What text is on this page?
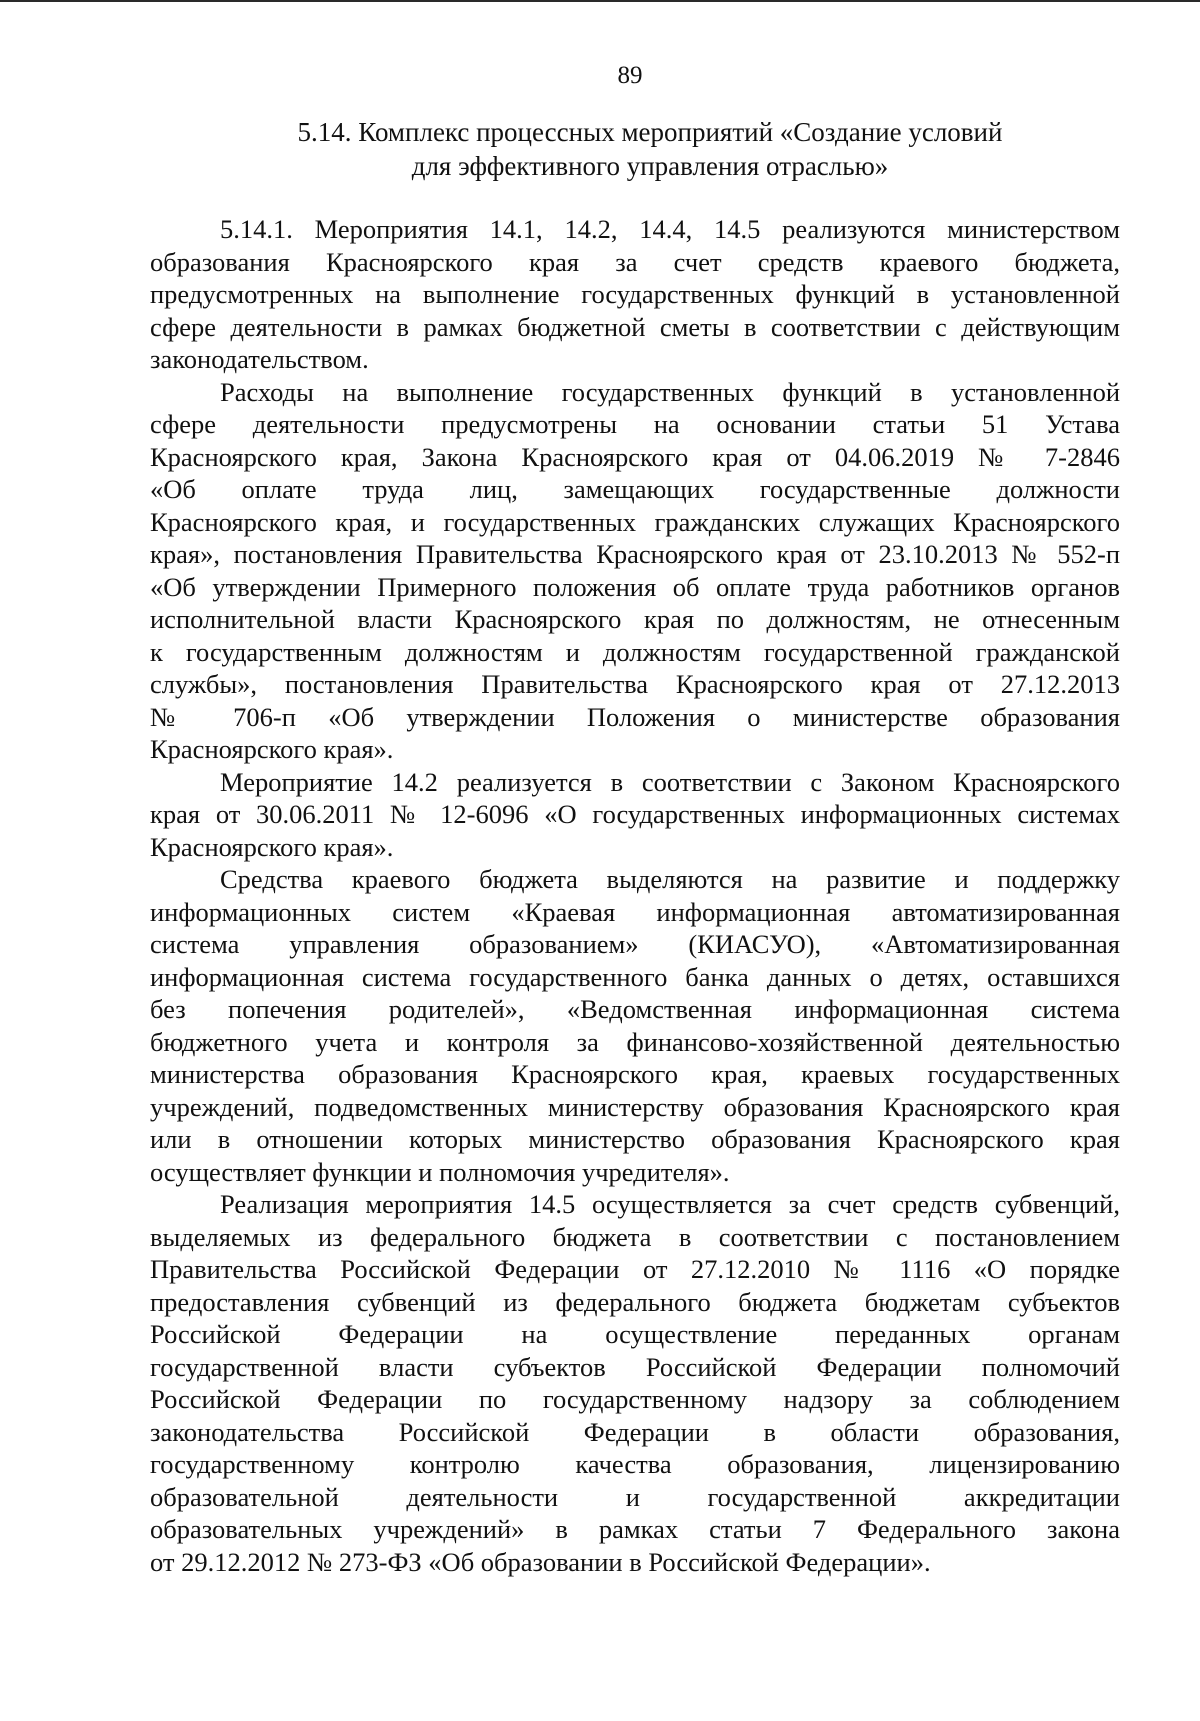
89
5.14. Комплекс процессных мероприятий «Создание условий
для эффективного управления отраслью»
5.14.1. Мероприятия 14.1, 14.2, 14.4, 14.5 реализуются министерством
образования Красноярского края за счет средств краевого бюджета,
предусмотренных на выполнение государственных функций в установленной
сфере деятельности в рамках бюджетной сметы в соответствии с действующим
законодательством.
Расходы на выполнение государственных функций в установленной
сфере деятельности предусмотрены на основании статьи 51 Устава
Красноярского края, Закона Красноярского края от 04.06.2019 № 7-2846
«Об оплате труда лиц, замещающих государственные должности
Красноярского края, и государственных гражданских служащих Красноярского
края», постановления Правительства Красноярского края от 23.10.2013 № 552-п
«Об утверждении Примерного положения об оплате труда работников органов
исполнительной власти Красноярского края по должностям, не отнесенным
к государственным должностям и должностям государственной гражданской
службы», постановления Правительства Красноярского края от 27.12.2013
№ 706-п «Об утверждении Положения о министерстве образования
Красноярского края».
Мероприятие 14.2 реализуется в соответствии с Законом Красноярского
края от 30.06.2011 № 12-6096 «О государственных информационных системах
Красноярского края».
Средства краевого бюджета выделяются на развитие и поддержку
информационных систем «Краевая информационная автоматизированная
система управления образованием» (КИАСУО), «Автоматизированная
информационная система государственного банка данных о детях, оставшихся
без попечения родителей», «Ведомственная информационная система
бюджетного учета и контроля за финансово-хозяйственной деятельностью
министерства образования Красноярского края, краевых государственных
учреждений, подведомственных министерству образования Красноярского края
или в отношении которых министерство образования Красноярского края
осуществляет функции и полномочия учредителя».
Реализация мероприятия 14.5 осуществляется за счет средств субвенций,
выделяемых из федерального бюджета в соответствии с постановлением
Правительства Российской Федерации от 27.12.2010 № 1116 «О порядке
предоставления субвенций из федерального бюджета бюджетам субъектов
Российской Федерации на осуществление переданных органам
государственной власти субъектов Российской Федерации полномочий
Российской Федерации по государственному надзору за соблюдением
законодательства Российской Федерации в области образования,
государственному контролю качества образования, лицензированию
образовательной деятельности и государственной аккредитации
образовательных учреждений» в рамках статьи 7 Федерального закона
от 29.12.2012 № 273-ФЗ «Об образовании в Российской Федерации».
